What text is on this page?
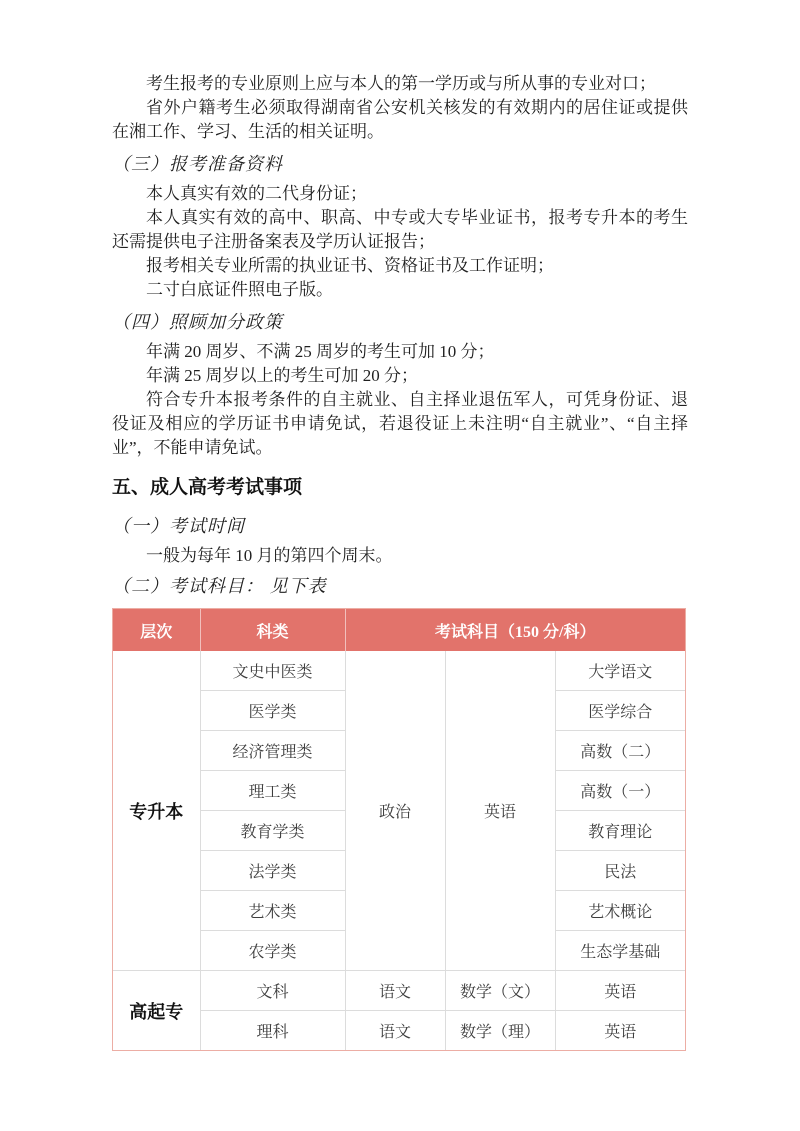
考生报考的专业原则上应与本人的第一学历或与所从事的专业对口；

省外户籍考生必须取得湖南省公安机关核发的有效期内的居住证或提供在湘工作、学习、生活的相关证明。

（三）报考准备资料

本人真实有效的二代身份证；

本人真实有效的高中、职高、中专或大专毕业证书，报考专升本的考生还需提供电子注册备案表及学历认证报告；

报考相关专业所需的执业证书、资格证书及工作证明；

二寸白底证件照电子版。

（四）照顾加分政策

年满 20 周岁、不满 25 周岁的考生可加 10 分；

年满 25 周岁以上的考生可加 20 分；

符合专升本报考条件的自主就业、自主择业退伍军人，可凭身份证、退役证及相应的学历证书申请免试，若退役证上未注明“自主就业”、“自主择业”，不能申请免试。

五、成人高考考试事项
（一）考试时间

一般为每年 10 月的第四个周末。

（二）考试科目： 见下表
层次	科类	考试科目（150 分/科）		
专升本	文史中医类	政治	英语	大学语文
	医学类			医学综合
	经济管理类			高数（二）
	理工类			高数（一）
	教育学类			教育理论
	法学类			民法
	艺术类			艺术概论
	农学类			生态学基础
高起专	文科	语文	数学（文）	英语
	理科	语文	数学（理）	英语
